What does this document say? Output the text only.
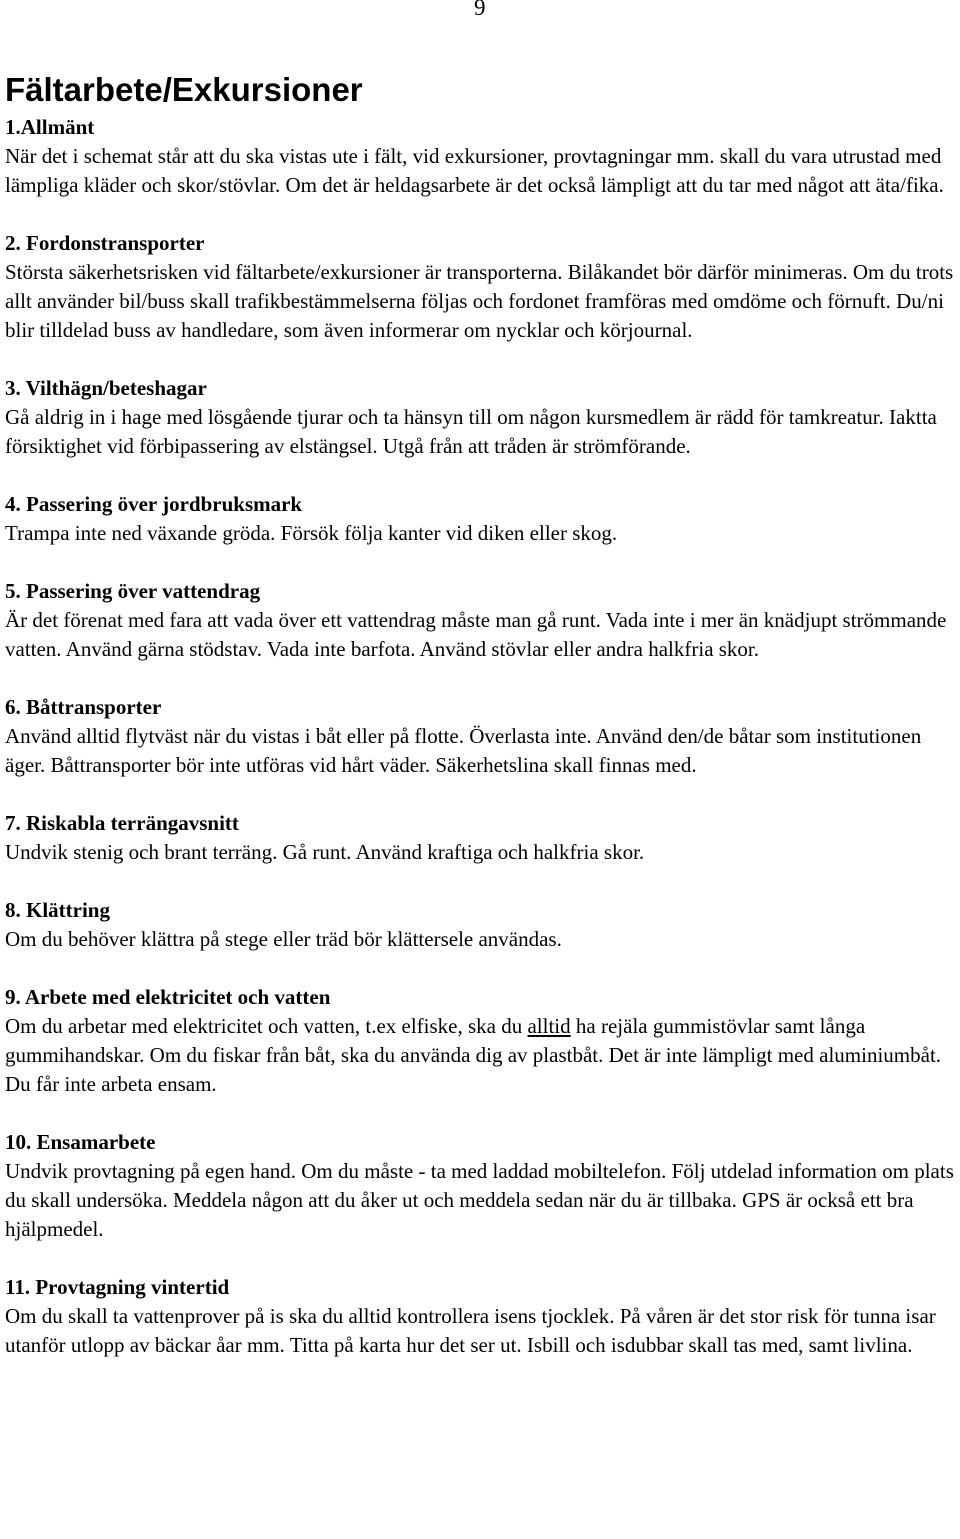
9
Fältarbete/Exkursioner
1.Allmänt

När det i schemat står att du ska vistas ute i fält, vid exkursioner, provtagningar mm. skall du vara utrustad med lämpliga kläder och skor/stövlar. Om det är heldagsarbete är det också lämpligt att du tar med något att äta/fika.

2. Fordonstransporter

Största säkerhetsrisken vid fältarbete/exkursioner är transporterna. Bilåkandet bör därför minimeras. Om du trots allt använder bil/buss skall trafikbestämmelserna följas och fordonet framföras med omdöme och förnuft. Du/ni blir tilldelad buss av handledare, som även informerar om nycklar och körjournal.

3. Vilthägn/beteshagar

Gå aldrig in i hage med lösgående tjurar och ta hänsyn till om någon kursmedlem är rädd för tamkreatur. Iaktta försiktighet vid förbipassering av elstängsel. Utgå från att tråden är strömförande.

4. Passering över jordbruksmark

Trampa inte ned växande gröda. Försök följa kanter vid diken eller skog.

5. Passering över vattendrag

Är det förenat med fara att vada över ett vattendrag måste man gå runt. Vada inte i mer än knädjupt strömmande vatten. Använd gärna stödstav. Vada inte barfota. Använd stövlar eller andra halkfria skor.

6. Båttransporter

Använd alltid flytväst när du vistas i båt eller på flotte. Överlasta inte. Använd den/de båtar som institutionen äger. Båttransporter bör inte utföras vid hårt väder. Säkerhetslina skall finnas med.

7. Riskabla terrängavsnitt

Undvik stenig och brant terräng. Gå runt. Använd kraftiga och halkfria skor.

8. Klättring

Om du behöver klättra på stege eller träd bör klättersele användas.

9. Arbete med elektricitet och vatten

Om du arbetar med elektricitet och vatten, t.ex elfiske, ska du alltid ha rejäla gummistövlar samt långa gummihandskar. Om du fiskar från båt, ska du använda dig av plastbåt. Det är inte lämpligt med aluminiumbåt. Du får inte arbeta ensam.

10. Ensamarbete

Undvik provtagning på egen hand. Om du måste - ta med laddad mobiltelefon. Följ utdelad information om plats du skall undersöka. Meddela någon att du åker ut och meddela sedan när du är tillbaka. GPS är också ett bra hjälpmedel.

11. Provtagning vintertid

Om du skall ta vattenprover på is ska du alltid kontrollera isens tjocklek. På våren är det stor risk för tunna isar utanför utlopp av bäckar åar mm. Titta på karta hur det ser ut. Isbill och isdubbar skall tas med, samt livlina.
